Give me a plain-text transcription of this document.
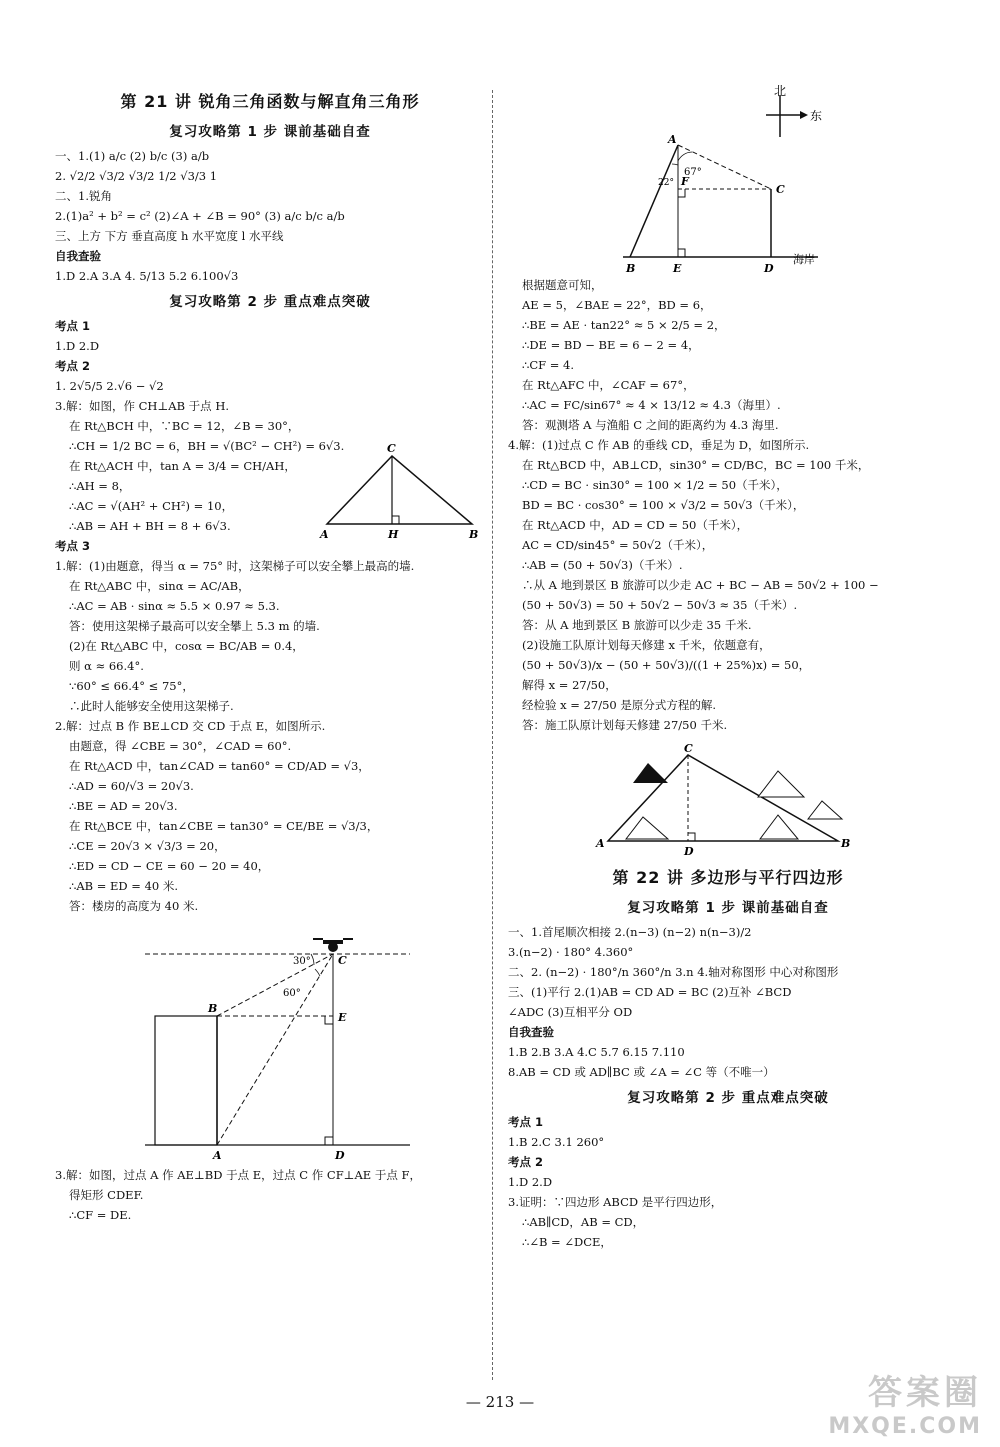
第 21 讲 锐角三角函数与解直角三角形
复习攻略第 1 步 课前基础自查
一、1.(1) a/c (2) b/c (3) a/b
2. √2/2 √3/2 √3/2 1/2 √3/3 1
二、1.锐角
2.(1)a² + b² = c² (2)∠A + ∠B = 90° (3) a/c b/c a/b
三、上方 下方 垂直高度 h 水平宽度 l 水平线
自我查验
1.D 2.A 3.A 4. 5/13 5.2 6.100√3
复习攻略第 2 步 重点难点突破
考点 1
1.D 2.D
考点 2
1. 2√5/5 2.√6 − √2
3.解：如图，作 CH⊥AB 于点 H.
在 Rt△BCH 中，∵BC = 12，∠B = 30°，
∴CH = 1/2 BC = 6，BH = √(BC² − CH²) = 6√3.
在 Rt△ACH 中，tan A = 3/4 = CH/AH，
∴AH = 8，
∴AC = √(AH² + CH²) = 10，
∴AB = AH + BH = 8 + 6√3.
C
A	H	B
考点 3
1.解：(1)由题意，得当 α = 75° 时，这架梯子可以安全攀上最高的墙.
在 Rt△ABC 中，sinα = AC/AB，
∴AC = AB · sinα ≈ 5.5 × 0.97 ≈ 5.3.
答：使用这架梯子最高可以安全攀上 5.3 m 的墙.
(2)在 Rt△ABC 中，cosα = BC/AB = 0.4，
则 α ≈ 66.4°.
∵60° ≤ 66.4° ≤ 75°，
∴此时人能够安全使用这架梯子.
2.解：过点 B 作 BE⊥CD 交 CD 于点 E，如图所示.
由题意，得 ∠CBE = 30°，∠CAD = 60°.
在 Rt△ACD 中，tan∠CAD = tan60° = CD/AD = √3，
∴AD = 60/√3 = 20√3.
∴BE = AD = 20√3.
在 Rt△BCE 中，tan∠CBE = tan30° = CE/BE = √3/3，
∴CE = 20√3 × √3/3 = 20，
∴ED = CD − CE = 60 − 20 = 40，
∴AB = ED = 40 米.
答：楼房的高度为 40 米.
C
B
E
A	D
30°
60°
3.解：如图，过点 A 作 AE⊥BD 于点 E，过点 C 作 CF⊥AE 于点 F，
得矩形 CDEF.
∴CF = DE.
北
东
A
F
C
B	E	D
67°
22°
海岸
根据题意可知，
AE = 5，∠BAE = 22°，BD = 6，
∴BE = AE · tan22° ≈ 5 × 2/5 = 2，
∴DE = BD − BE = 6 − 2 = 4，
∴CF = 4.
在 Rt△AFC 中，∠CAF = 67°，
∴AC = FC/sin67° ≈ 4 × 13/12 ≈ 4.3（海里）.
答：观测塔 A 与渔船 C 之间的距离约为 4.3 海里.
4.解：(1)过点 C 作 AB 的垂线 CD，垂足为 D，如图所示.
在 Rt△BCD 中，AB⊥CD，sin30° = CD/BC，BC = 100 千米，
∴CD = BC · sin30° = 100 × 1/2 = 50（千米），
BD = BC · cos30° = 100 × √3/2 = 50√3（千米），
在 Rt△ACD 中，AD = CD = 50（千米），
AC = CD/sin45° = 50√2（千米），
∴AB = (50 + 50√3)（千米）.
∴从 A 地到景区 B 旅游可以少走 AC + BC − AB = 50√2 + 100 −
(50 + 50√3) = 50 + 50√2 − 50√3 ≈ 35（千米）.
答：从 A 地到景区 B 旅游可以少走 35 千米.
(2)设施工队原计划每天修建 x 千米，依题意有，
(50 + 50√3)/x − (50 + 50√3)/((1 + 25%)x) = 50，
解得 x = 27/50，
经检验 x = 27/50 是原分式方程的解.
答：施工队原计划每天修建 27/50 千米.
C
A
D
B
第 22 讲 多边形与平行四边形
复习攻略第 1 步 课前基础自查
一、1.首尾顺次相接 2.(n−3) (n−2) n(n−3)/2
3.(n−2) · 180° 4.360°
二、2. (n−2) · 180°/n 360°/n 3.n 4.轴对称图形 中心对称图形
三、(1)平行 2.(1)AB = CD AD = BC (2)互补 ∠BCD
∠ADC (3)互相平分 OD
自我查验
1.B 2.B 3.A 4.C 5.7 6.15 7.110
8.AB = CD 或 AD∥BC 或 ∠A = ∠C 等（不唯一）
复习攻略第 2 步 重点难点突破
考点 1
1.B 2.C 3.1 260°
考点 2
1.D 2.D
3.证明：∵四边形 ABCD 是平行四边形，
∴AB∥CD，AB = CD，
∴∠B = ∠DCE，
— 213 —	答案圈
MXQE.COM
